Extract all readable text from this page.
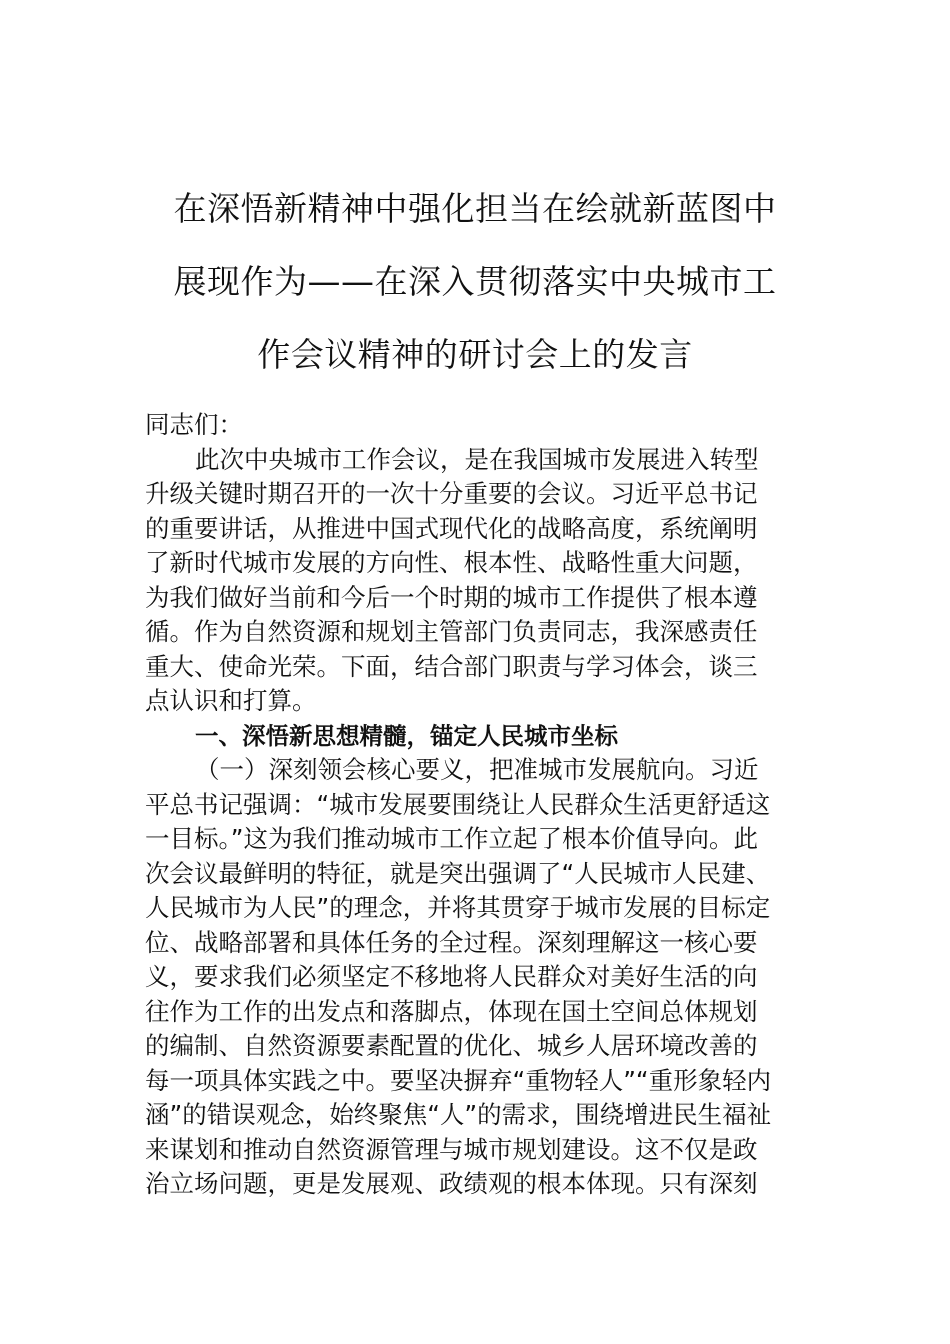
在深悟新精神中强化担当在绘就新蓝图中
展现作为——在深入贯彻落实中央城市工
作会议精神的研讨会上的发言
同志们：
此次中央城市工作会议，是在我国城市发展进入转型
升级关键时期召开的一次十分重要的会议。习近平总书记
的重要讲话，从推进中国式现代化的战略高度，系统阐明
了新时代城市发展的方向性、根本性、战略性重大问题，
为我们做好当前和今后一个时期的城市工作提供了根本遵
循。作为自然资源和规划主管部门负责同志，我深感责任
重大、使命光荣。下面，结合部门职责与学习体会，谈三
点认识和打算。
一、深悟新思想精髓，锚定人民城市坐标
（一）深刻领会核心要义，把准城市发展航向。习近
平总书记强调：“城市发展要围绕让人民群众生活更舒适这
一目标。”这为我们推动城市工作立起了根本价值导向。此
次会议最鲜明的特征，就是突出强调了“人民城市人民建、
人民城市为人民”的理念，并将其贯穿于城市发展的目标定
位、战略部署和具体任务的全过程。深刻理解这一核心要
义，要求我们必须坚定不移地将人民群众对美好生活的向
往作为工作的出发点和落脚点，体现在国土空间总体规划
的编制、自然资源要素配置的优化、城乡人居环境改善的
每一项具体实践之中。要坚决摒弃“重物轻人”“重形象轻内
涵”的错误观念，始终聚焦“人”的需求，围绕增进民生福祉
来谋划和推动自然资源管理与城市规划建设。这不仅是政
治立场问题，更是发展观、政绩观的根本体现。只有深刻
